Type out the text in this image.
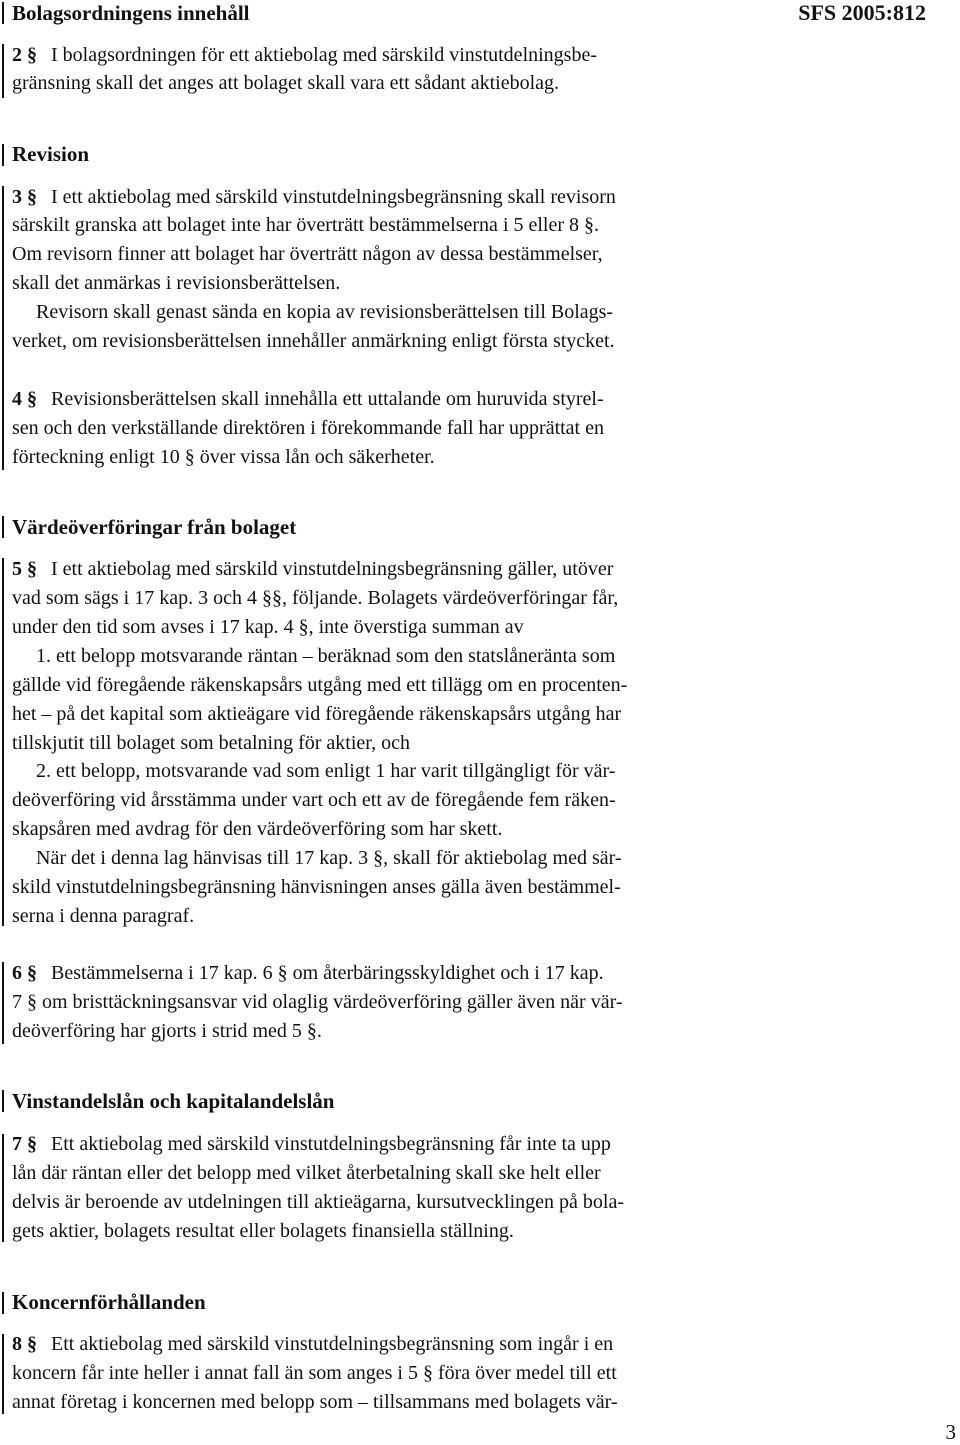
Bolagsordningens innehåll	SFS 2005:812
2 § I bolagsordningen för ett aktiebolag med särskild vinstutdelningsbe-
gränsning skall det anges att bolaget skall vara ett sådant aktiebolag.
Revision
3 § I ett aktiebolag med särskild vinstutdelningsbegränsning skall revisorn
särskilt granska att bolaget inte har överträtt bestämmelserna i 5 eller 8 §.
Om revisorn finner att bolaget har överträtt någon av dessa bestämmelser,
skall det anmärkas i revisionsberättelsen.
Revisorn skall genast sända en kopia av revisionsberättelsen till Bolags-
verket, om revisionsberättelsen innehåller anmärkning enligt första stycket.
4 § Revisionsberättelsen skall innehålla ett uttalande om huruvida styrel-
sen och den verkställande direktören i förekommande fall har upprättat en
förteckning enligt 10 § över vissa lån och säkerheter.
Värdeöverföringar från bolaget
5 § I ett aktiebolag med särskild vinstutdelningsbegränsning gäller, utöver
vad som sägs i 17 kap. 3 och 4 §§, följande. Bolagets värdeöverföringar får,
under den tid som avses i 17 kap. 4 §, inte överstiga summan av
1. ett belopp motsvarande räntan – beräknad som den statslåneränta som
gällde vid föregående räkenskapsårs utgång med ett tillägg om en procenten-
het – på det kapital som aktieägare vid föregående räkenskapsårs utgång har
tillskjutit till bolaget som betalning för aktier, och
2. ett belopp, motsvarande vad som enligt 1 har varit tillgängligt för vär-
deöverföring vid årsstämma under vart och ett av de föregående fem räken-
skapsåren med avdrag för den värdeöverföring som har skett.
När det i denna lag hänvisas till 17 kap. 3 §, skall för aktiebolag med sär-
skild vinstutdelningsbegränsning hänvisningen anses gälla även bestämmel-
serna i denna paragraf.
6 § Bestämmelserna i 17 kap. 6 § om återbäringsskyldighet och i 17 kap.
7 § om bristtäckningsansvar vid olaglig värdeöverföring gäller även när vär-
deöverföring har gjorts i strid med 5 §.
Vinstandelslån och kapitalandelslån
7 § Ett aktiebolag med särskild vinstutdelningsbegränsning får inte ta upp
lån där räntan eller det belopp med vilket återbetalning skall ske helt eller
delvis är beroende av utdelningen till aktieägarna, kursutvecklingen på bola-
gets aktier, bolagets resultat eller bolagets finansiella ställning.
Koncernförhållanden
8 § Ett aktiebolag med särskild vinstutdelningsbegränsning som ingår i en
koncern får inte heller i annat fall än som anges i 5 § föra över medel till ett
annat företag i koncernen med belopp som – tillsammans med bolagets vär-
3
